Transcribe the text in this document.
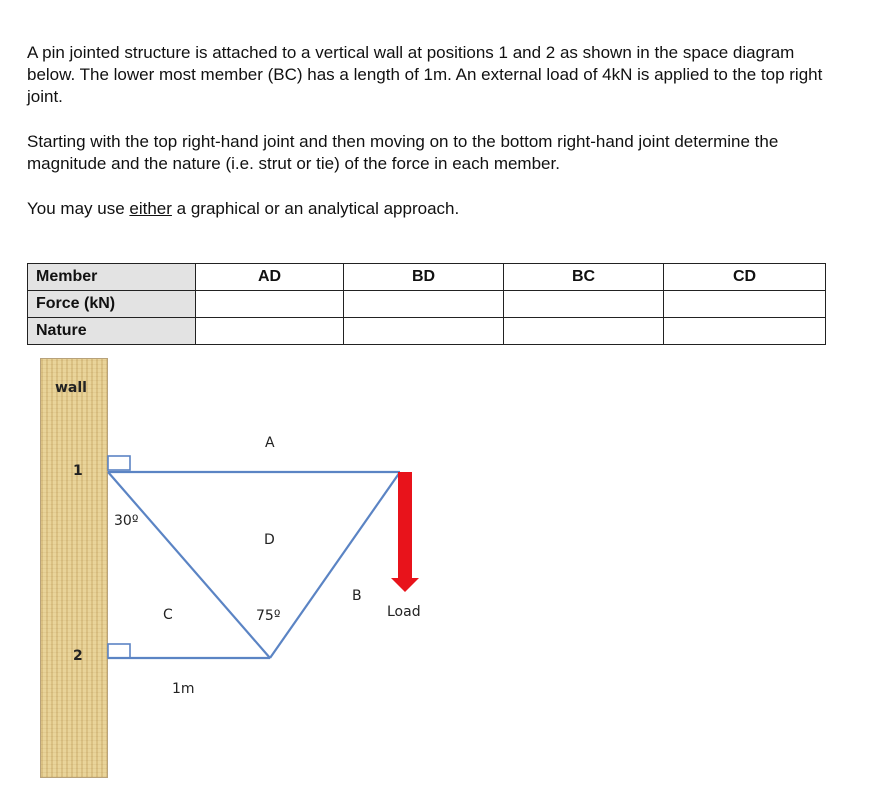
A pin jointed structure is attached to a vertical wall at positions 1 and 2 as shown in the space diagram below. The lower most member (BC) has a length of 1m. An external load of 4kN is applied to the top right joint.

Starting with the top right-hand joint and then moving on to the bottom right-hand joint determine the magnitude and the nature (i.e. strut or tie) of the force in each member.

You may use either a graphical or an analytical approach.

Member	AD	BD	BC	CD
Force (kN)				
Nature				
wall
1
2
A
D
B
C
30º
75º	Load
1m
